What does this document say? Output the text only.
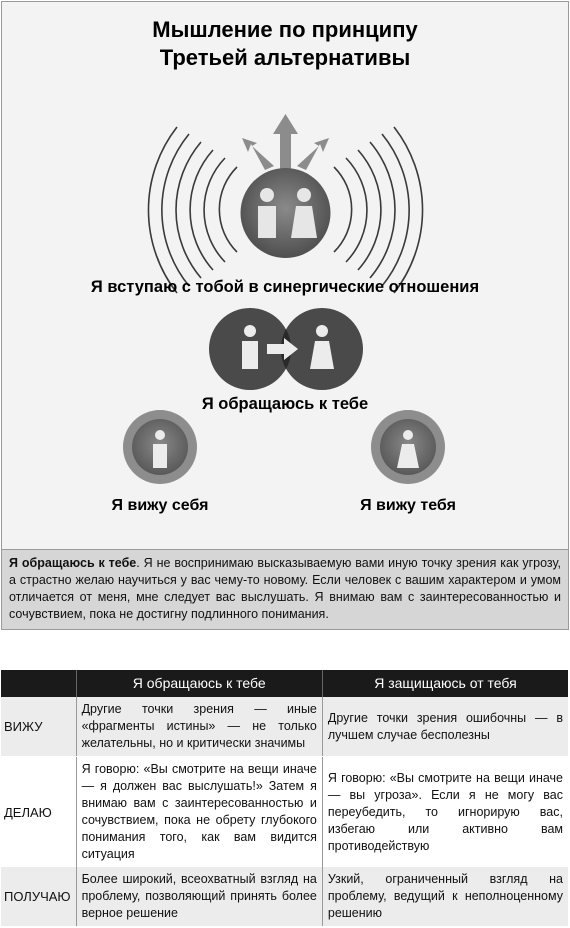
Мышление по принципу
Третьей альтернативы
Я вступаю с тобой в синергические отношения
Я обращаюсь к тебе
Я вижу себя	Я вижу тебя
Я обращаюсь к тебе. Я не воспринимаю высказываемую вами иную точку зрения как угрозу, а страстно желаю научиться у вас чему-то новому. Если человек с вашим характером и умом отличается от меня, мне следует вас выслушать. Я внимаю вам с заинтересованностью и сочувствием, пока не достигну подлинного понимания.
	Я обращаюсь к тебе	Я защищаюсь от тебя
ВИЖУ	Другие точки зрения — иные «фрагменты истины» — не только желательны, но и критически значимы	Другие точки зрения ошибочны — в лучшем случае бесполезны
ДЕЛАЮ	Я говорю: «Вы смотрите на вещи иначе — я должен вас выслушать!» Затем я внимаю вам с заинтересованностью и сочувствием, пока не обрету глубокого понимания того, как вам видится ситуация	Я говорю: «Вы смотрите на вещи иначе — вы угроза». Если я не могу вас переубедить, то игнорирую вас, избегаю или активно вам противодействую
ПОЛУЧАЮ	Более широкий, всеохватный взгляд на проблему, позволяющий принять более верное решение	Узкий, ограниченный взгляд на проблему, ведущий к неполноценному решению
